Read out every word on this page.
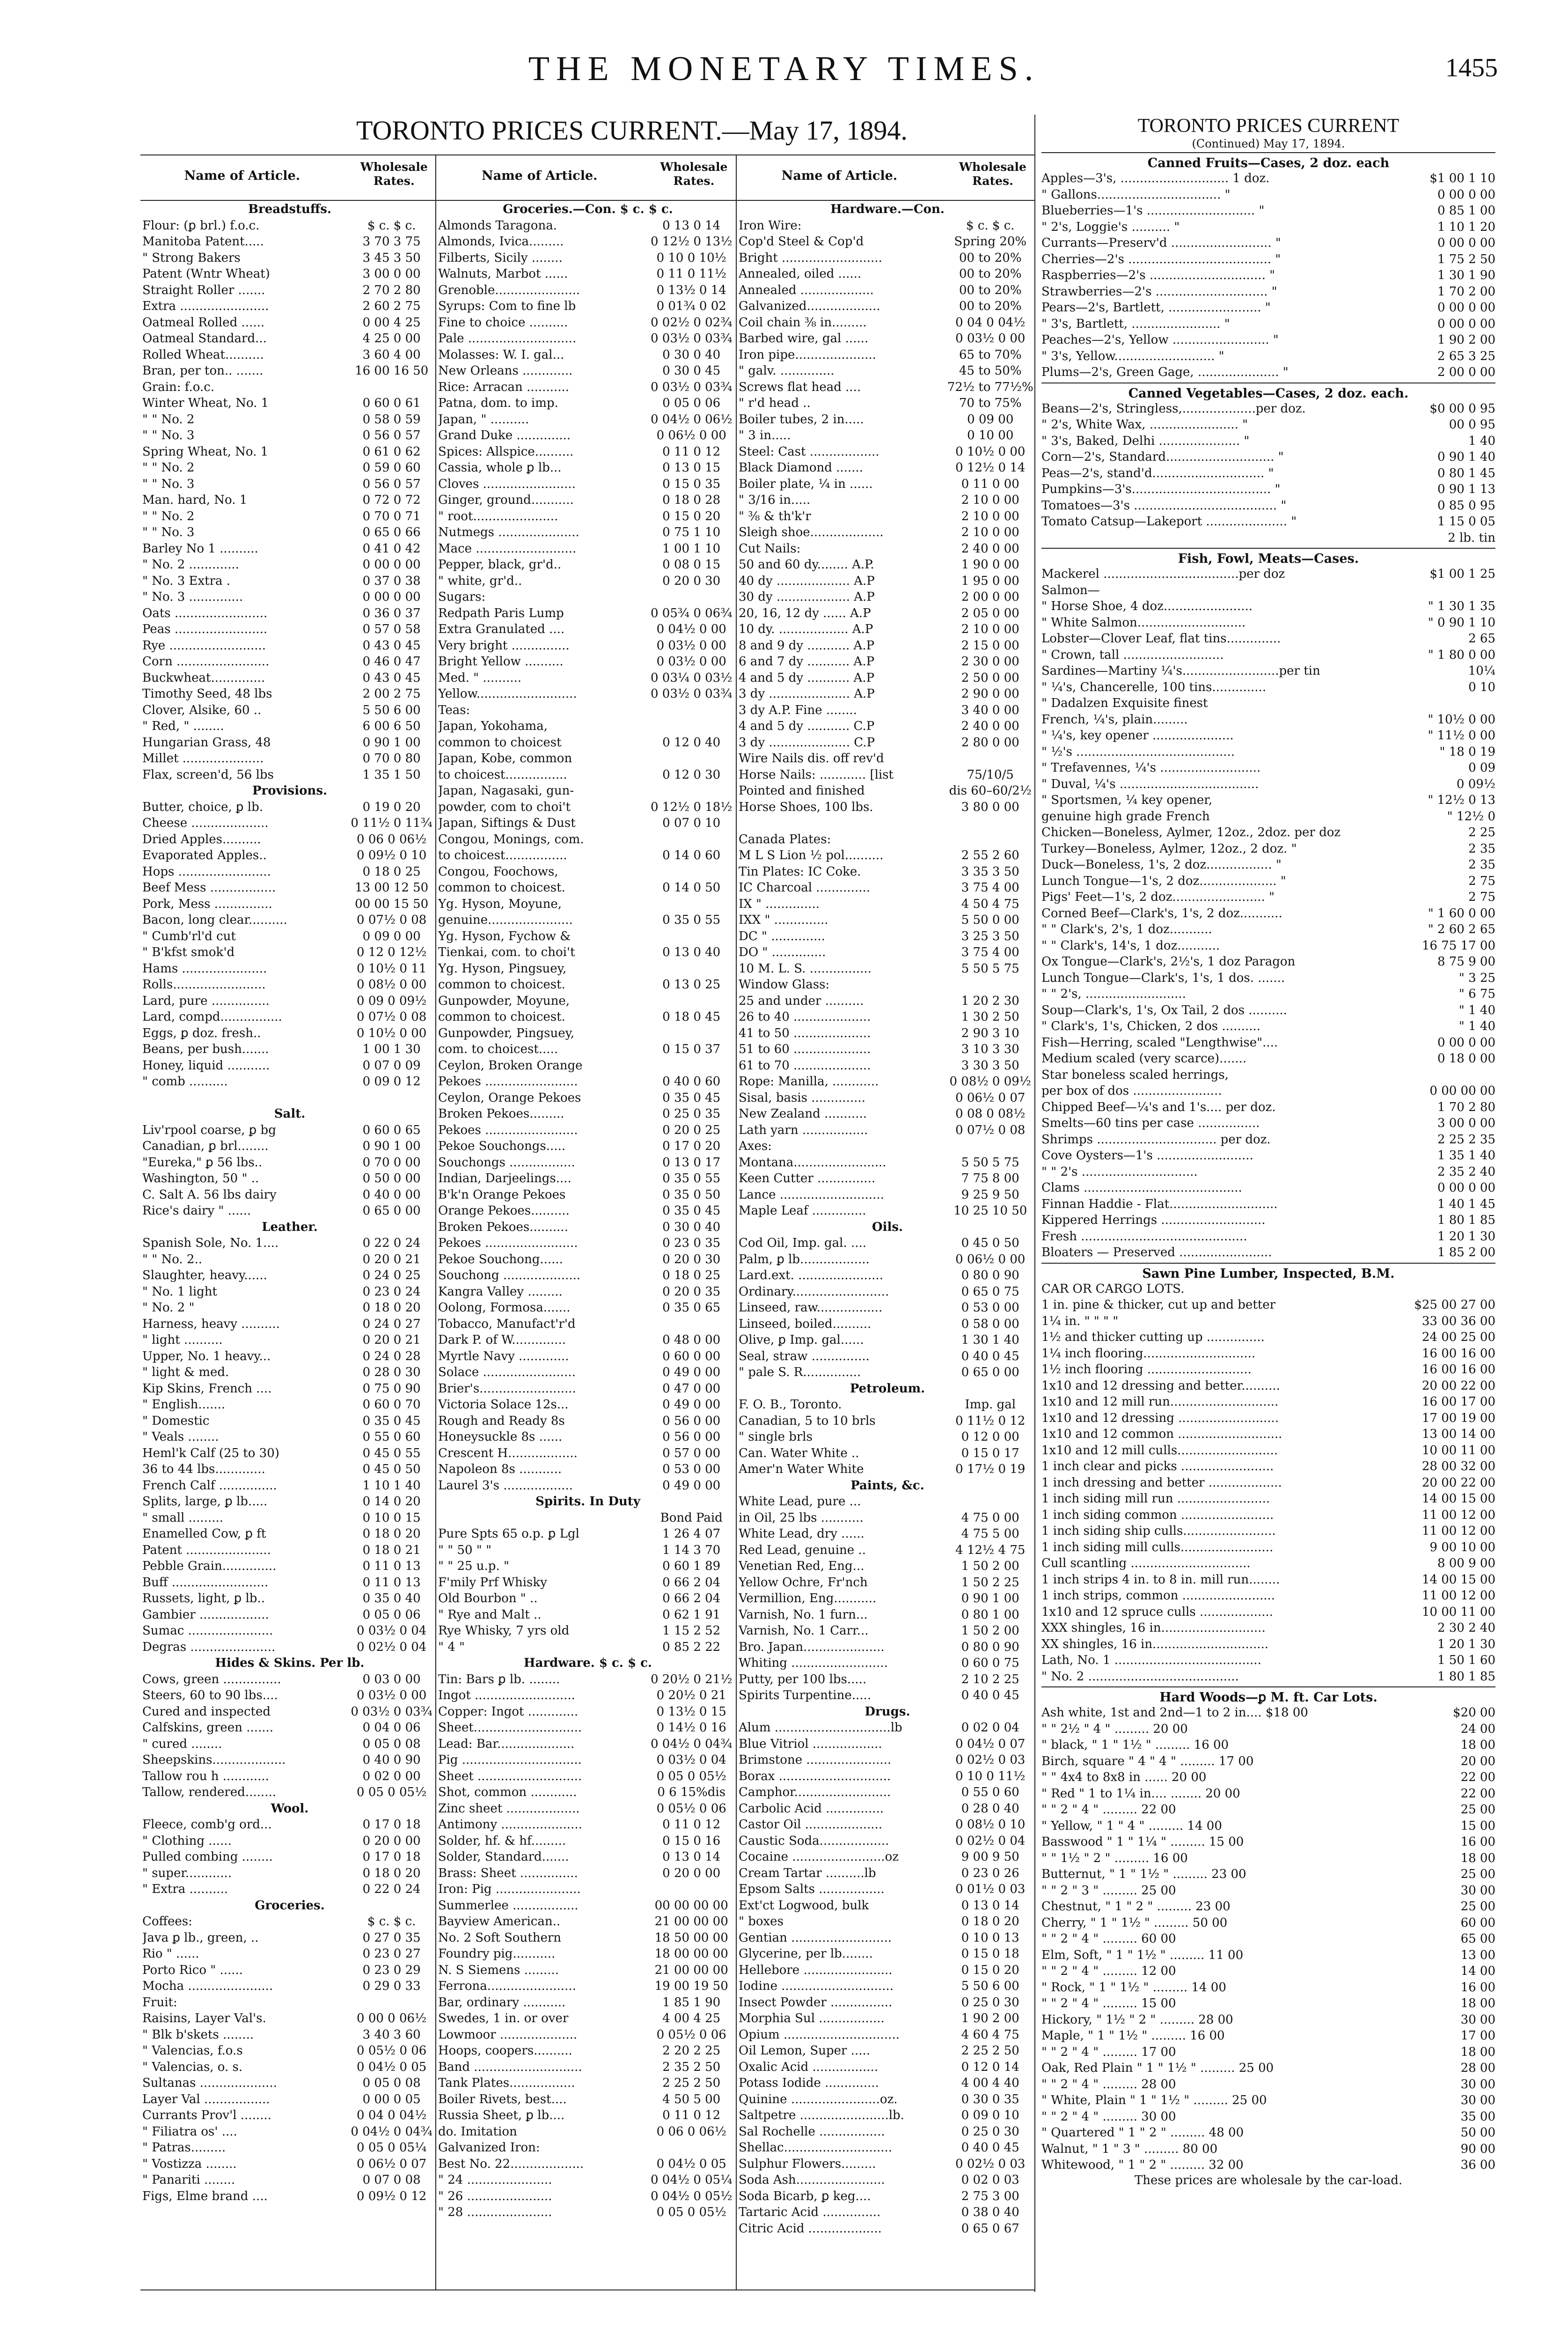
THE MONETARY TIMES.	1455
TORONTO PRICES CURRENT.—May 17, 1894.
Name of Article.
Wholesale Rates.
Breadstuffs.
Flour: (ꝑ brl.) f.o.c.	$ c. $ c.
Manitoba Patent.....	3 70 3 75
" Strong Bakers	3 45 3 50
Patent (Wntr Wheat)	3 00 0 00
Straight Roller .......	2 70 2 80
Extra .......................	2 60 2 75
Oatmeal Rolled ......	0 00 4 25
Oatmeal Standard...	4 25 0 00
Rolled Wheat..........	3 60 4 00
Bran, per ton.. .......	16 00 16 50
Grain: f.o.c.
Winter Wheat, No. 1	0 60 0 61
" " No. 2	0 58 0 59
" " No. 3	0 56 0 57
Spring Wheat, No. 1	0 61 0 62
" " No. 2	0 59 0 60
" " No. 3	0 56 0 57
Man. hard, No. 1	0 72 0 72
" " No. 2	0 70 0 71
" " No. 3	0 65 0 66
Barley No 1 ..........	0 41 0 42
" No. 2 .............	0 00 0 00
" No. 3 Extra .	0 37 0 38
" No. 3 ..............	0 00 0 00
Oats ........................	0 36 0 37
Peas ........................	0 57 0 58
Rye .........................	0 43 0 45
Corn ........................	0 46 0 47
Buckwheat..............	0 43 0 45
Timothy Seed, 48 lbs	2 00 2 75
Clover, Alsike, 60 ..	5 50 6 00
" Red, " ........	6 00 6 50
Hungarian Grass, 48	0 90 1 00
Millet .....................	0 70 0 80
Flax, screen'd, 56 lbs	1 35 1 50
Provisions.
Butter, choice, ꝑ lb.	0 19 0 20
Cheese ....................	0 11½ 0 11¾
Dried Apples..........	0 06 0 06½
Evaporated Apples..	0 09½ 0 10
Hops ........................	0 18 0 25
Beef Mess .................	13 00 12 50
Pork, Mess ...............	00 00 15 50
Bacon, long clear..........	0 07½ 0 08
" Cumb'rl'd cut	0 09 0 00
" B'kfst smok'd	0 12 0 12½
Hams ......................	0 10½ 0 11
Rolls........................	0 08½ 0 00
Lard, pure ...............	0 09 0 09½
Lard, compd................	0 07½ 0 08
Eggs, ꝑ doz. fresh..	0 10½ 0 00
Beans, per bush.......	1 00 1 30
Honey, liquid ...........	0 07 0 09
" comb ..........	0 09 0 12
Salt.
Liv'rpool coarse, ꝑ bg	0 60 0 65
Canadian, ꝑ brl........	0 90 1 00
"Eureka," ꝑ 56 lbs..	0 70 0 00
Washington, 50 " ..	0 50 0 00
C. Salt A. 56 lbs dairy	0 40 0 00
Rice's dairy " ......	0 65 0 00
Leather.
Spanish Sole, No. 1....	0 22 0 24
" " No. 2..	0 20 0 21
Slaughter, heavy......	0 24 0 25
" No. 1 light	0 23 0 24
" No. 2 "	0 18 0 20
Harness, heavy ..........	0 24 0 27
" light ..........	0 20 0 21
Upper, No. 1 heavy...	0 24 0 28
" light & med.	0 28 0 30
Kip Skins, French ....	0 75 0 90
" English.......	0 60 0 70
" Domestic	0 35 0 45
" Veals ........	0 55 0 60
Heml'k Calf (25 to 30)	0 45 0 55
36 to 44 lbs.............	0 45 0 50
French Calf ...............	1 10 1 40
Splits, large, ꝑ lb.....	0 14 0 20
" small .........	0 10 0 15
Enamelled Cow, ꝑ ft	0 18 0 20
Patent ......................	0 18 0 21
Pebble Grain..............	0 11 0 13
Buff .........................	0 11 0 13
Russets, light, ꝑ lb..	0 35 0 40
Gambier ..................	0 05 0 06
Sumac ......................	0 03½ 0 04
Degras ......................	0 02½ 0 04
Hides & Skins. Per lb.
Cows, green ...............	0 03 0 00
Steers, 60 to 90 lbs....	0 03½ 0 00
Cured and inspected	0 03½ 0 03¾
Calfskins, green .......	0 04 0 06
" cured ........	0 05 0 08
Sheepskins...................	0 40 0 90
Tallow rou h ............	0 02 0 00
Tallow, rendered........	0 05 0 05½
Wool.
Fleece, comb'g ord...	0 17 0 18
" Clothing ......	0 20 0 00
Pulled combing ........	0 17 0 18
" super............	0 18 0 20
" Extra ..........	0 22 0 24
Groceries.
Coffees:	$ c. $ c.
Java ꝑ lb., green, ..	0 27 0 35
Rio " ......	0 23 0 27
Porto Rico " ......	0 23 0 29
Mocha ......................	0 29 0 33
Fruit:
Raisins, Layer Val's.	0 00 0 06½
" Blk b'skets ........	3 40 3 60
" Valencias, f.o.s	0 05½ 0 06
" Valencias, o. s.	0 04½ 0 05
Sultanas ....................	0 05 0 08
Layer Val .................	0 00 0 05
Currants Prov'l ........	0 04 0 04½
" Filiatra os' ....	0 04½ 0 04¾
" Patras.........	0 05 0 05¼
" Vostizza ........	0 06½ 0 07
" Panariti ........	0 07 0 08
Figs, Elme brand ....	0 09½ 0 12
Name of Article.
Wholesale Rates.
Groceries.—Con. $ c. $ c.
Almonds Taragona.	0 13 0 14
Almonds, Ivica.........	0 12½ 0 13½
Filberts, Sicily ........	0 10 0 10½
Walnuts, Marbot ......	0 11 0 11½
Grenoble......................	0 13½ 0 14
Syrups: Com to fine lb	0 01¾ 0 02
Fine to choice ..........	0 02½ 0 02¾
Pale ............................	0 03½ 0 03¾
Molasses: W. I. gal...	0 30 0 40
New Orleans .............	0 30 0 45
Rice: Arracan ...........	0 03½ 0 03¾
Patna, dom. to imp.	0 05 0 06
Japan, " ..........	0 04½ 0 06½
Grand Duke ..............	0 06½ 0 00
Spices: Allspice..........	0 11 0 12
Cassia, whole ꝑ lb...	0 13 0 15
Cloves ........................	0 15 0 35
Ginger, ground...........	0 18 0 28
" root......................	0 15 0 20
Nutmegs .....................	0 75 1 10
Mace ..........................	1 00 1 10
Pepper, black, gr'd..	0 08 0 15
" white, gr'd..	0 20 0 30
Sugars:
Redpath Paris Lump	0 05¾ 0 06¾
Extra Granulated ....	0 04½ 0 00
Very bright ...............	0 03½ 0 00
Bright Yellow ..........	0 03½ 0 00
Med. " ..........	0 03¼ 0 03½
Yellow..........................	0 03½ 0 03¾
Teas:
Japan, Yokohama,
common to choicest	0 12 0 40
Japan, Kobe, common
to choicest................	0 12 0 30
Japan, Nagasaki, gun-
powder, com to choi't	0 12½ 0 18½
Japan, Siftings & Dust	0 07 0 10
Congou, Monings, com.
to choicest................	0 14 0 60
Congou, Foochows,
common to choicest.	0 14 0 50
Yg. Hyson, Moyune,
genuine......................	0 35 0 55
Yg. Hyson, Fychow &
Tienkai, com. to choi't	0 13 0 40
Yg. Hyson, Pingsuey,
common to choicest.	0 13 0 25
Gunpowder, Moyune,
common to choicest.	0 18 0 45
Gunpowder, Pingsuey,
com. to choicest.....	0 15 0 37
Ceylon, Broken Orange
Pekoes ........................	0 40 0 60
Ceylon, Orange Pekoes	0 35 0 45
Broken Pekoes.........	0 25 0 35
Pekoes ........................	0 20 0 25
Pekoe Souchongs.....	0 17 0 20
Souchongs .................	0 13 0 17
Indian, Darjeelings....	0 35 0 55
B'k'n Orange Pekoes	0 35 0 50
Orange Pekoes..........	0 35 0 45
Broken Pekoes..........	0 30 0 40
Pekoes ........................	0 23 0 35
Pekoe Souchong......	0 20 0 30
Souchong ....................	0 18 0 25
Kangra Valley .........	0 20 0 35
Oolong, Formosa.......	0 35 0 65
Tobacco, Manufact'r'd
Dark P. of W..............	0 48 0 00
Myrtle Navy .............	0 60 0 00
Solace ........................	0 49 0 00
Brier's.........................	0 47 0 00
Victoria Solace 12s...	0 49 0 00
Rough and Ready 8s	0 56 0 00
Honeysuckle 8s ......	0 56 0 00
Crescent H..................	0 57 0 00
Napoleon 8s ...........	0 53 0 00
Laurel 3's ..................	0 49 0 00
Spirits. In Duty
Bond Paid
Pure Spts 65 o.p. ꝑ Lgl	1 26 4 07
" " 50 " "	1 14 3 70
" " 25 u.p. "	0 60 1 89
F'mily Prf Whisky	0 66 2 04
Old Bourbon " ..	0 66 2 04
" Rye and Malt ..	0 62 1 91
Rye Whisky, 7 yrs old	1 15 2 52
" 4 "	0 85 2 22
Hardware. $ c. $ c.
Tin: Bars ꝑ lb. ........	0 20½ 0 21½
Ingot ..........................	0 20½ 0 21
Copper: Ingot .............	0 13½ 0 15
Sheet............................	0 14½ 0 16
Lead: Bar....................	0 04½ 0 04¾
Pig ...............................	0 03½ 0 04
Sheet ...........................	0 05 0 05½
Shot, common ............	0 6 15%dis
Zinc sheet ...................	0 05½ 0 06
Antimony .....................	0 11 0 12
Solder, hf. & hf.........	0 15 0 16
Solder, Standard.......	0 13 0 14
Brass: Sheet ...............	0 20 0 00
Iron: Pig ......................
Summerlee .................	00 00 00 00
Bayview American..	21 00 00 00
No. 2 Soft Southern	18 50 00 00
Foundry pig...........	18 00 00 00
N. S Siemens .........	21 00 00 00
Ferrona.......................	19 00 19 50
Bar, ordinary ...........	1 85 1 90
Swedes, 1 in. or over	4 00 4 25
Lowmoor ....................	0 05½ 0 06
Hoops, coopers..........	2 20 2 25
Band ............................	2 35 2 50
Tank Plates.................	2 25 2 50
Boiler Rivets, best....	4 50 5 00
Russia Sheet, ꝑ lb....	0 11 0 12
do. Imitation	0 06 0 06½
Galvanized Iron:
Best No. 22...................	0 04½ 0 05
" 24 ......................	0 04½ 0 05¼
" 26 ......................	0 04½ 0 05½
" 28 ......................	0 05 0 05½
Name of Article.
Wholesale Rates.
Hardware.—Con.
Iron Wire:	$ c. $ c.
Cop'd Steel & Cop'd	Spring 20%
Bright ..........................	00 to 20%
Annealed, oiled ......	00 to 20%
Annealed ...................	00 to 20%
Galvanized...................	00 to 20%
Coil chain ⅜ in.........	0 04 0 04½
Barbed wire, gal ......	0 03½ 0 00
Iron pipe.....................	65 to 70%
" galv. ..............	45 to 50%
Screws flat head ....	72½ to 77½%
" r'd head ..	70 to 75%
Boiler tubes, 2 in.....	0 09 00
" 3 in.....	0 10 00
Steel: Cast ..................	0 10½ 0 00
Black Diamond .......	0 12½ 0 14
Boiler plate, ¼ in ......	0 11 0 00
" 3/16 in.....	2 10 0 00
" ⅜ & th'k'r	2 10 0 00
Sleigh shoe...................	2 10 0 00
Cut Nails:	2 40 0 00
50 and 60 dy........ A.P.	1 90 0 00
40 dy ................... A.P	1 95 0 00
30 dy ................... A.P	2 00 0 00
20, 16, 12 dy ...... A.P	2 05 0 00
10 dy. .................. A.P	2 10 0 00
8 and 9 dy ........... A.P	2 15 0 00
6 and 7 dy ........... A.P	2 30 0 00
4 and 5 dy ........... A.P	2 50 0 00
3 dy ..................... A.P	2 90 0 00
3 dy A.P. Fine ........	3 40 0 00
4 and 5 dy ........... C.P	2 40 0 00
3 dy ..................... C.P	2 80 0 00
Wire Nails dis. off rev'd
Horse Nails: ............ [list	75/10/5
Pointed and finished	dis 60–60/2½
Horse Shoes, 100 lbs.	3 80 0 00
Canada Plates:
M L S Lion ½ pol..........	2 55 2 60
Tin Plates: IC Coke.	3 35 3 50
IC Charcoal ..............	3 75 4 00
IX " ..............	4 50 4 75
IXX " ..............	5 50 0 00
DC " ..............	3 25 3 50
DO " ..............	3 75 4 00
10 M. L. S. ................	5 50 5 75
Window Glass:
25 and under ..........	1 20 2 30
26 to 40 ....................	1 30 2 50
41 to 50 ....................	2 90 3 10
51 to 60 ....................	3 10 3 30
61 to 70 ....................	3 30 3 50
Rope: Manilla, ............	0 08½ 0 09½
Sisal, basis ..............	0 06½ 0 07
New Zealand ...........	0 08 0 08½
Lath yarn .................	0 07½ 0 08
Axes:
Montana........................	5 50 5 75
Keen Cutter ...............	7 75 8 00
Lance ...........................	9 25 9 50
Maple Leaf ..............	10 25 10 50
Oils.
Cod Oil, Imp. gal. ....	0 45 0 50
Palm, ꝑ lb..................	0 06½ 0 00
Lard.ext. ......................	0 80 0 90
Ordinary.........................	0 65 0 75
Linseed, raw.................	0 53 0 00
Linseed, boiled..........	0 58 0 00
Olive, ꝑ Imp. gal......	1 30 1 40
Seal, straw ...............	0 40 0 45
" pale S. R...............	0 65 0 00
Petroleum.
F. O. B., Toronto.	Imp. gal
Canadian, 5 to 10 brls	0 11½ 0 12
" single brls	0 12 0 00
Can. Water White ..	0 15 0 17
Amer'n Water White	0 17½ 0 19
Paints, &c.
White Lead, pure ...
in Oil, 25 lbs ...........	4 75 0 00
White Lead, dry ......	4 75 5 00
Red Lead, genuine ..	4 12½ 4 75
Venetian Red, Eng...	1 50 2 00
Yellow Ochre, Fr'nch	1 50 2 25
Vermillion, Eng...........	0 90 1 00
Varnish, No. 1 furn...	0 80 1 00
Varnish, No. 1 Carr...	1 50 2 00
Bro. Japan.....................	0 80 0 90
Whiting .........................	0 60 0 75
Putty, per 100 lbs.....	2 10 2 25
Spirits Turpentine.....	0 40 0 45
Drugs.
Alum ..............................lb	0 02 0 04
Blue Vitriol ..................	0 04½ 0 07
Brimstone ......................	0 02½ 0 03
Borax .............................	0 10 0 11½
Camphor.........................	0 55 0 60
Carbolic Acid ...............	0 28 0 40
Castor Oil ....................	0 08½ 0 10
Caustic Soda..................	0 02½ 0 04
Cocaine ........................oz	9 00 9 50
Cream Tartar ..........lb	0 23 0 26
Epsom Salts .................	0 01½ 0 03
Ext'ct Logwood, bulk	0 13 0 14
" boxes	0 18 0 20
Gentian ..........................	0 10 0 13
Glycerine, per lb........	0 15 0 18
Hellebore .......................	0 15 0 20
Iodine .............................	5 50 6 00
Insect Powder ................	0 25 0 30
Morphia Sul .................	1 90 2 00
Opium ..............................	4 60 4 75
Oil Lemon, Super .....	2 25 2 50
Oxalic Acid .................	0 12 0 14
Potass Iodide ..............	4 00 4 40
Quinine .......................oz.	0 30 0 35
Saltpetre .......................lb.	0 09 0 10
Sal Rochelle .................	0 25 0 30
Shellac............................	0 40 0 45
Sulphur Flowers.........	0 02½ 0 03
Soda Ash.......................	0 02 0 03
Soda Bicarb, ꝑ keg....	2 75 3 00
Tartaric Acid ...............	0 38 0 40
Citric Acid ...................	0 65 0 67
TORONTO PRICES CURRENT
(Continued) May 17, 1894.
Canned Fruits—Cases, 2 doz. each
Apples—3's, ............................ 1 doz.	$1 00 1 10
" Gallons................................ "	0 00 0 00
Blueberries—1's ............................ "	0 85 1 00
" 2's, Loggie's .......... "	1 10 1 20
Currants—Preserv'd .......................... "	0 00 0 00
Cherries—2's ..................................... "	1 75 2 50
Raspberries—2's .............................. "	1 30 1 90
Strawberries—2's ............................. "	1 70 2 00
Pears—2's, Bartlett, ........................ "	0 00 0 00
" 3's, Bartlett, ....................... "	0 00 0 00
Peaches—2's, Yellow ......................... "	1 90 2 00
" 3's, Yellow.......................... "	2 65 3 25
Plums—2's, Green Gage, ..................... "	2 00 0 00
Canned Vegetables—Cases, 2 doz. each.
Beans—2's, Stringless,...................per doz.	$0 00 0 95
" 2's, White Wax, ....................... "	00 0 95
" 3's, Baked, Delhi ..................... "	1 40
Corn—2's, Standard............................ "	0 90 1 40
Peas—2's, stand'd............................. "	0 80 1 45
Pumpkins—3's.................................... "	0 90 1 13
Tomatoes—3's ..................................... "	0 85 0 95
Tomato Catsup—Lakeport ..................... "	1 15 0 05
2 lb. tin
Fish, Fowl, Meats—Cases.
Mackerel ...................................per doz	$1 00 1 25
Salmon—
" Horse Shoe, 4 doz.......................	" 1 30 1 35
" White Salmon............................	" 0 90 1 10
Lobster—Clover Leaf, flat tins..............	2 65
" Crown, tall ..........................	" 1 80 0 00
Sardines—Martiny ¼'s.........................per tin	10¼
" ¼'s, Chancerelle, 100 tins..............	0 10
" Dadalzen Exquisite finest
French, ¼'s, plain.........	" 10½ 0 00
" ¼'s, key opener .....................	" 11½ 0 00
" ½'s .........................................	" 18 0 19
" Trefavennes, ¼'s ..........................	0 09
" Duval, ¼'s ....................................	0 09½
" Sportsmen, ¼ key opener,	" 12½ 0 13
genuine high grade French	" 12½ 0
Chicken—Boneless, Aylmer, 12oz., 2doz. per doz	2 25
Turkey—Boneless, Aylmer, 12oz., 2 doz. "	2 35
Duck—Boneless, 1's, 2 doz................. "	2 35
Lunch Tongue—1's, 2 doz.................... "	2 75
Pigs' Feet—1's, 2 doz........................ "	2 75
Corned Beef—Clark's, 1's, 2 doz...........	" 1 60 0 00
" " Clark's, 2's, 1 doz...........	" 2 60 2 65
" " Clark's, 14's, 1 doz...........	16 75 17 00
Ox Tongue—Clark's, 2½'s, 1 doz Paragon	8 75 9 00
Lunch Tongue—Clark's, 1's, 1 dos. .......	" 3 25
" " 2's, ..........................	" 6 75
Soup—Clark's, 1's, Ox Tail, 2 dos ..........	" 1 40
" Clark's, 1's, Chicken, 2 dos ..........	" 1 40
Fish—Herring, scaled "Lengthwise"....	0 00 0 00
Medium scaled (very scarce).......	0 18 0 00
Star boneless scaled herrings,
per box of dos .......................	0 00 00 00
Chipped Beef—¼'s and 1's.... per doz.	1 70 2 80
Smelts—60 tins per case ................	3 00 0 00
Shrimps ............................... per doz.	2 25 2 35
Cove Oysters—1's .........................	1 35 1 40
" " 2's ..............................	2 35 2 40
Clams .........................................	0 00 0 00
Finnan Haddie - Flat............................	1 40 1 45
Kippered Herrings ...........................	1 80 1 85
Fresh ...........................................	1 20 1 30
Bloaters — Preserved ........................	1 85 2 00
Sawn Pine Lumber, Inspected, B.M.
CAR OR CARGO LOTS.
1 in. pine & thicker, cut up and better	$25 00 27 00
1¼ in. " " " "	33 00 36 00
1½ and thicker cutting up ...............	24 00 25 00
1¼ inch flooring.............................	16 00 16 00
1½ inch flooring ...........................	16 00 16 00
1x10 and 12 dressing and better..........	20 00 22 00
1x10 and 12 mill run............................	16 00 17 00
1x10 and 12 dressing ..........................	17 00 19 00
1x10 and 12 common ...........................	13 00 14 00
1x10 and 12 mill culls..........................	10 00 11 00
1 inch clear and picks ........................	28 00 32 00
1 inch dressing and better ...................	20 00 22 00
1 inch siding mill run ........................	14 00 15 00
1 inch siding common ........................	11 00 12 00
1 inch siding ship culls........................	11 00 12 00
1 inch siding mill culls........................	9 00 10 00
Cull scantling ...............................	8 00 9 00
1 inch strips 4 in. to 8 in. mill run........	14 00 15 00
1 inch strips, common ........................	11 00 12 00
1x10 and 12 spruce culls ...................	10 00 11 00
XXX shingles, 16 in...........................	2 30 2 40
XX shingles, 16 in..............................	1 20 1 30
Lath, No. 1 ......................................	1 50 1 60
" No. 2 .......................................	1 80 1 85
Hard Woods—ꝑ M. ft. Car Lots.
Ash white, 1st and 2nd—1 to 2 in.... $18 00	$20 00
" " 2½ " 4 " ......... 20 00	24 00
" black, " 1 " 1½ " ......... 16 00	18 00
Birch, square " 4 " 4 " ......... 17 00	20 00
" " 4x4 to 8x8 in ...... 20 00	22 00
" Red " 1 to 1¼ in.... ........ 20 00	22 00
" " 2 " 4 " ......... 22 00	25 00
" Yellow, " 1 " 4 " ......... 14 00	15 00
Basswood " 1 " 1¼ " ......... 15 00	16 00
" " 1½ " 2 " ......... 16 00	18 00
Butternut, " 1 " 1½ " ......... 23 00	25 00
" " 2 " 3 " ......... 25 00	30 00
Chestnut, " 1 " 2 " ......... 23 00	25 00
Cherry, " 1 " 1½ " ......... 50 00	60 00
" " 2 " 4 " ......... 60 00	65 00
Elm, Soft, " 1 " 1½ " ......... 11 00	13 00
" " 2 " 4 " ......... 12 00	14 00
" Rock, " 1 " 1½ " ......... 14 00	16 00
" " 2 " 4 " ......... 15 00	18 00
Hickory, " 1½ " 2 " ......... 28 00	30 00
Maple, " 1 " 1½ " ......... 16 00	17 00
" " 2 " 4 " ......... 17 00	18 00
Oak, Red Plain " 1 " 1½ " ......... 25 00	28 00
" " 2 " 4 " ......... 28 00	30 00
" White, Plain " 1 " 1½ " ......... 25 00	30 00
" " 2 " 4 " ......... 30 00	35 00
" Quartered " 1 " 2 " ......... 48 00	50 00
Walnut, " 1 " 3 " ......... 80 00	90 00
Whitewood, " 1 " 2 " ......... 32 00	36 00
These prices are wholesale by the car-load.
